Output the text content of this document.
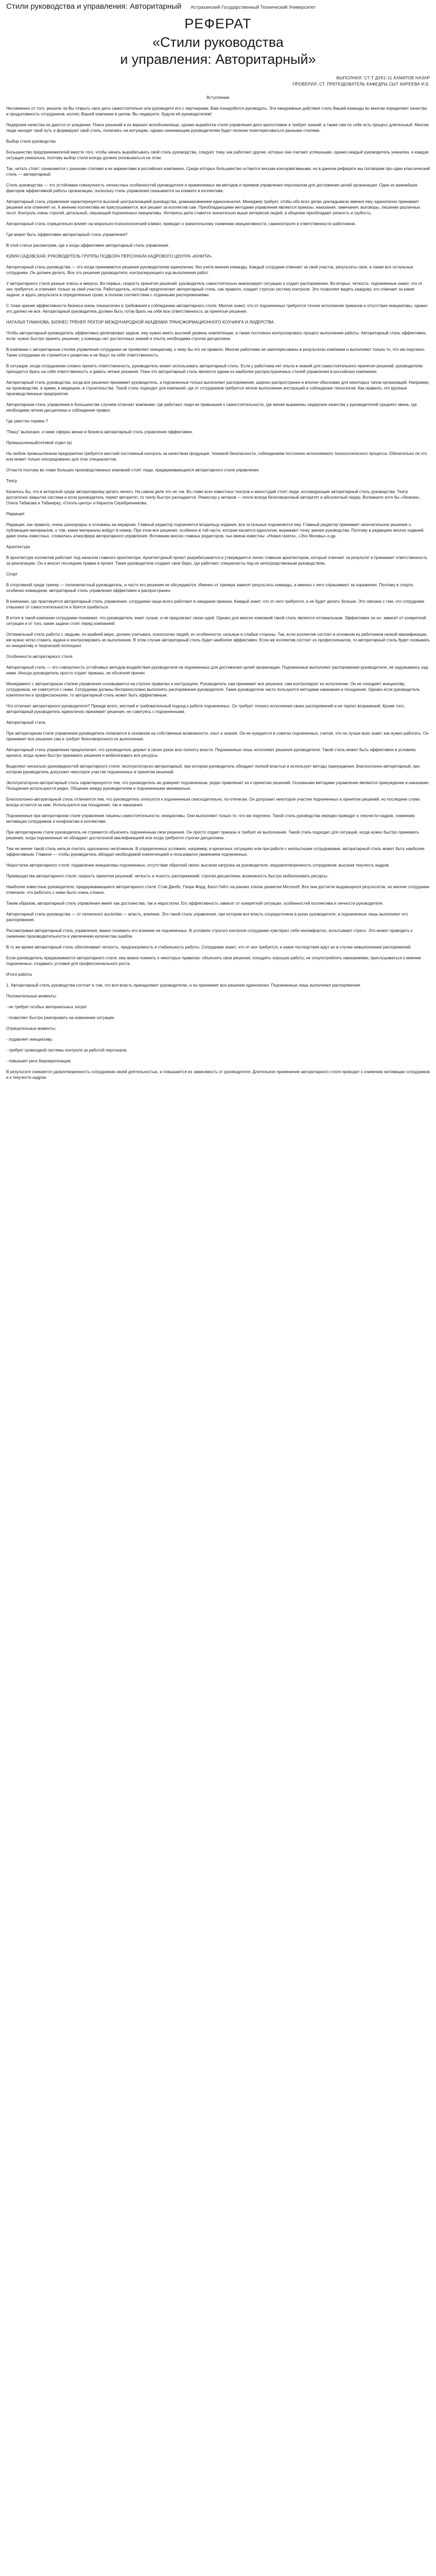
Стили руководства и управления: Авторитарный Астраханский Государственный Технический Университет
РЕФЕРАТ
«Стили руководства
и управления: Авторитарный»
ВЫПОЛНИЛ: СТ-Т ДУК1-11 АХМАТОВ НАЗАР
ПРОВЕРИЛ: СТ. ПРЕПОДОВАТЕЛЬ КАФЕДРЫ СЫТ КИРЕЕВА И.Б.

Вступление

Несомненно от того, решили ли Вы открыть свое дело самостоятельно или руководите его с партнерами, Вам понадобится руководить. Эти ежедневные действия стиль Вашей команды во многом определяют качество и продуктивность сотрудников, коллег, Вашей компании в целом. Вы лидируете, будучи её руководителем!

Лидерские качества не даются от рождения. Поиск решений и их вариант всеобъемлюще, однако выработка стиля управления дело кропотливое и требует знаний, а также сам по себе есть процесс длительный. Многие люди находят свой путь и формируют свой стиль, полагаясь на интуицию, однако начинающим руководителям будет полезно поинтересоваться разными стилями.

Выбор стиля руководства

Большинство предпринимателей вместе того, чтобы начать вырабатывать свой стиль руководства, следуют тому, как работают другие, которых они считают успешными, однако каждый руководитель уникален, и каждая ситуация уникальна, поэтому выбор стиля всегда должен основываться на этом.

Так, читать стоит: ознакомится с разными стилями и их вариантами в российских компаниях. Среди которых большинство остаются весьма консервативными, но в данном реферате мы поговорим про один классический стиль — авторитарный.

Стиль руководства — это устойчивая совокупность личностных особенностей руководителя и применяемых им методов и приемов управления персоналом для достижения целей организации. Одни из важнейших факторов эффективной работы организации, поскольку стиль управления сказывается на климате в коллективе.

Авторитарный стиль управления характеризуется высокой централизацией руководства, доминированием единоначалия. Менеджер требует, чтобы обо всех делах докладывали именно ему, единолично принимает решения или отменяет их. К мнению коллектива не прислушивается, все решает за коллектив сам. Преобладающими методами управления являются приказы, наказания, замечания, выговоры, лишение различных льгот. Контроль очень строгий, детальный, лишающий подчиненных инициативы. Интересы дела ставятся значительно выше интересов людей, в общении преобладают резкость и грубость.

Авторитарный стиль отрицательно влияет на морально-психологический климат, приводит к значительному снижению инициативности, самоконтроля и ответственности работников.

Где может быть эффективен авторитарный стиль управления?

В этой статье рассмотрим, где и когда эффективен авторитарный стиль управления.

ЮЛИЯ САДОВСКАЯ, РУКОВОДИТЕЛЬ ГРУППЫ ПОДБОРА ПЕРСОНАЛА КАДРОВОГО ЦЕНТРА «ЮНИТИ»

Авторитарный стиль руководства — это когда принимаются решения руководителем единолично, без учета мнения команды. Каждый сотрудник отвечает за свой участок, результаты свои, а также все остальные сотрудники. Он должен делать. Все это решения руководителя, контролирующего ход выполнения работ.

У авторитарного стиля разные плюсы и минусы. Во-первых, скорость принятия решений: руководитель самостоятельно анализирует ситуацию и отдает распоряжения. Во-вторых, четкость: подчинённые знают, что от них требуется, и отвечают только за свой участок. Работодатель, который предпочитает авторитарный стиль, как правило, создает строгую систему контроля. Это позволяет видеть каждому, кто отвечает за какие задачи, и ждать результата в определенные сроки, в полном соответствии с отданными распоряжениями.

С точки зрения эффективности бизнеса очень показателен и требования к соблюдению авторитарного стиля. Многие знают, что от подчиненных требуются точное исполнение приказов и отсутствие инициативы, однако это далеко не все. Авторитарный руководитель должен быть готов брать на себя всю ответственность за принятые решения.

НАТАЛЬЯ ТУМАНОВА, БИЗНЕС-ТРЕНЕР, РЕКТОР МЕЖДУНАРОДНОЙ АКАДЕМИИ ТРАНСФОРМАЦИОННОГО КОУЧИНГА И ЛИДЕРСТВА

Чтобы авторитарный руководитель эффективно делегировал задачи, ему нужно иметь высокий уровень компетенции, а также постоянно контролировать процесс выполнения работы. Авторитарный стиль эффективен, если: нужно быстро принять решение; у команды нет достаточных знаний и опыта; необходима строгая дисциплина.

В компании с авторитарным стилем управления сотрудники не проявляют инициативу, к чему бы это ни привело. Многие работники не заинтересованы в результатах компании и выполняют только то, что им поручено. Такие сотрудники не стремятся к развитию и не берут на себя ответственность.

В ситуации, когда сотрудникам сложно принять ответственность, руководитель может использовать авторитарный стиль. Если у работника нет опыта и знаний для самостоятельного принятия решений, руководителю приходится брать на себя ответственность и давать четкие указания. Пока что авторитарный стиль является одним из наиболее распространенных стилей управления в российских компаниях.

Авторитарный стиль руководства, когда все решения принимает руководитель, а подчиненные только выполняют распоряжения, широко распространен и вполне обоснован для некоторых типов организаций. Например, на производстве, в армии, в медицине, в строительстве. Такой стиль подходит для компаний, где от сотрудников требуется четкое выполнение инструкций и соблюдение технологии. Как правило, это крупные производственные предприятия.

Авторитарным стиль управления в большинстве случаев отличает компанию: где работают люди не привыкшие к самостоятельности, где менее выражены лидерские качества у руководителей среднего звена, где необходима четкая дисциплина и соблюдение правил.

Где уместен термин ?

"Пишу" выписано, и ниже сферах жизни и бизнеса авторитарный стиль управления эффективен.

Промышленный/сетевой отдел (а)

На любом промышленном предприятии требуется жесткий постоянный контроль за качеством продукции, техникой безопасности, соблюдением постоянно исполняемого технологического процесса. Обязательно ли это или может только опосредованно для этих специалистов.

Отчасти поэтому во главе больших производственных компаний стоят люди, придерживающиеся авторитарного стиля управления.

Театр

Казалось бы, что в актерской среде авторитаризму делать нечего. На самом деле это не так. Во главе всех известных театров и киностудий стоят люди, исповедующие авторитарный стиль руководства. Театр достаточно закрытая система и если руководитель теряет авторитет, то театр быстро распадается. Режиссер у актеров — почти всегда безоговорочный авторитет и абсолютный лидер. Вспомните хотя бы «Ленком», Олега Табакова и Табакерку, «Гоголь-центр» и Кирилла Серебренникова.

Редакция

Редакции, как правило, очень разнородны и основаны на иерархии. Главный редактор подчиняется владельцу издания, все остальные подчиняются ему. Главный редактор принимает окончательное решение о публикации материалов, о том, какие материалы войдут в номер. При этом все решения, особенно в той части, которая касается идеологии, выражают точку зрения руководства. Поэтому в редакциях многих изданий, даже очень известных, сложилась атмосфера авторитарного управления. Вспомним многих главных редакторов, чьи имена известны: «Новая газета», «Эхо Москвы» и др.

Архитектура

В архитектуре коллектив работает под началом главного архитектора. Архитектурный проект разрабатывается и утверждается лично главным архитектором, который отвечает за результат и принимает ответственность за реализацию. Он и вносит последние правки в проект. Такие руководители создают свои бюро, где работают специалисты под их непосредственным руководством.

Спорт

В спортивной среде тренер — полновластный руководитель, и часто его решения не обсуждаются. Именно от тренера зависят результаты команды, и именно с него спрашивают за поражения. Поэтому в спорте, особенно командном, авторитарный стиль управления эффективен и распространен.

В компании, где практикуется авторитарный стиль управления, сотрудники чаще всего работают в ожидании приказа. Каждый знает, что от него требуется, и не будет делать больше. Это связано с тем, что сотрудники отвыкают от самостоятельности и боятся ошибиться.

В итоге в такой компании сотрудники понимают, что руководитель знает лучше, и не предлагают своих идей. Однако для многих компаний такой стиль является оптимальным. Эффективен ли он, зависит от конкретной ситуации и от того, какие задачи стоят перед компанией.

Оптимальный стиль работы с людьми, по крайней мере, должен учитывать психологию людей, их особенности, сильные и слабые стороны. Так, если коллектив состоит в основном из работников низкой квалификации, им нужно четко ставить задачи и контролировать их выполнение. В этом случае авторитарный стиль будет наиболее эффективен. Если же коллектив состоит из профессионалов, то авторитарный стиль будет сковывать их инициативу и творческий потенциал.

Особенности авторитарного стиля

Авторитарный стиль — это совокупность устойчивых методов воздействия руководителя на подчиненных для достижения целей организации. Подчиненные выполняют распоряжения руководителя, не задумываясь над ними. Иногда руководитель просто отдает приказы, не объясняя причин.

Менеджмент с авторитарным стилем управления основывается на строгих правилах и инструкциях. Руководитель сам принимает все решения, сам контролирует их исполнение. Он не поощряет инициативу сотрудников, не советуется с ними. Сотрудники должны беспрекословно выполнять распоряжения руководителя. Такие руководители часто пользуются методами наказания и поощрения. Однако если руководитель компетентен и профессионален, то авторитарный стиль может быть эффективным.

Что отличает авторитарного руководителя? Прежде всего, жесткий и требовательный подход к работе подчиненных. Он требует точного исполнения своих распоряжений и не терпит возражений. Кроме того, авторитарный руководитель единолично принимает решения, не советуясь с подчиненными.

Авторитарный стиль

При авторитарном стиле управления руководитель полагается в основном на собственные возможности, опыт и знания. Он не нуждается в советах подчиненных, считая, что он лучше всех знает, как нужно работать. Он принимает все решения сам и требует безоговорочного их выполнения.

Авторитарный стиль управления предполагает, что руководитель держит в своих руках всю полноту власти. Подчиненные лишь исполняют решения руководителя. Такой стиль может быть эффективен в условиях кризиса, когда нужно быстро принимать решения и мобилизовать все ресурсы.

Выделяют несколько разновидностей авторитарного стиля: эксплуататорско-авторитарный, при котором руководитель обладает полной властью и использует методы принуждения; благосклонно-авторитарный, при котором руководитель допускает некоторое участие подчиненных в принятии решений.

Эксплуататорско-авторитарный стиль характеризуется тем, что руководитель не доверяет подчиненным, редко привлекает их к принятию решений. Основными методами управления являются принуждение и наказание. Поощрения используются редко. Общение между руководителем и подчиненными минимально.

Благосклонно-авторитарный стиль отличается тем, что руководитель относится к подчиненным снисходительно, по-отечески. Он допускает некоторое участие подчиненных в принятии решений, но последнее слово всегда остается за ним. Используются как поощрения, так и наказания.

Подчиненные при авторитарном стиле управления лишены самостоятельности, инициативы. Они выполняют только то, что им поручено. Такой стиль руководства нередко приводит к текучести кадров, снижению мотивации сотрудников и конфликтам в коллективе.

При авторитарном стиле руководитель не стремится объяснять подчиненным свои решения. Он просто отдает приказы и требует их выполнения. Такой стиль подходит для ситуаций, когда нужно быстро принимать решения, когда подчиненные не обладают достаточной квалификацией или когда требуется строгая дисциплина.

Тем не менее такой стиль нельзя считать однозначно негативным. В определенных условиях, например, в кризисных ситуациях или при работе с неопытными сотрудниками, авторитарный стиль может быть наиболее эффективным. Главное — чтобы руководитель обладал необходимой компетенцией и пользовался уважением подчиненных.

Недостатки авторитарного стиля: подавление инициативы подчиненных; отсутствие обратной связи; высокая нагрузка на руководителя; неудовлетворенность сотрудников; высокая текучесть кадров.

Преимущества авторитарного стиля: скорость принятия решений; четкость и ясность распоряжений; строгая дисциплина; возможность быстро мобилизовать ресурсы.

Наиболее известные руководители, придерживающиеся авторитарного стиля: Стив Джобс, Генри Форд, Билл Гейтс на ранних этапах развития Microsoft. Все они достигли выдающихся результатов, но многие сотрудники отмечали, что работать с ними было очень сложно.

Таким образом, авторитарный стиль управления имеет как достоинства, так и недостатки. Его эффективность зависит от конкретной ситуации, особенностей коллектива и личности руководителя.

Авторитарный стиль руководства — от латинского auctoritas — власть, влияние. Это такой стиль управления, при котором вся власть сосредоточена в руках руководителя, а подчиненные лишь выполняют его распоряжения.

Рассматривая авторитарный стиль управления, важно понимать его влияние на подчиненных. В условиях строгого контроля сотрудники чувствуют себя некомфортно, испытывают стресс. Это может приводить к снижению производительности и увеличению количества ошибок.

В то же время авторитарный стиль обеспечивает четкость, предсказуемость и стабильность работы. Сотрудники знают, что от них требуется, и какие последствия ждут их в случае невыполнения распоряжений.

Если руководитель придерживается авторитарного стиля, ему важно помнить о некоторых правилах: объяснять свои решения; поощрять хорошую работу; не злоупотреблять наказаниями; прислушиваться к мнению подчиненных; создавать условия для профессионального роста.

Итоги работы

1. Авторитарный стиль руководства состоит в том, что вся власть принадлежит руководителю, и он принимает все решения единолично. Подчиненные лишь выполняют распоряжения.

Положительные моменты:

- не требует особых материальных затрат

- позволяет быстро реагировать на изменения ситуации.

Отрицательные моменты:

- подавляет инициативу;

- требует громоздкой системы контроля за работой персонала;

- повышает риск бюрократизации.

В результате снижается удовлетворенность сотрудников своей деятельностью, и повышается их зависимость от руководителя. Длительное применение авторитарного стиля приводит к снижению мотивации сотрудников и к текучести кадров.
